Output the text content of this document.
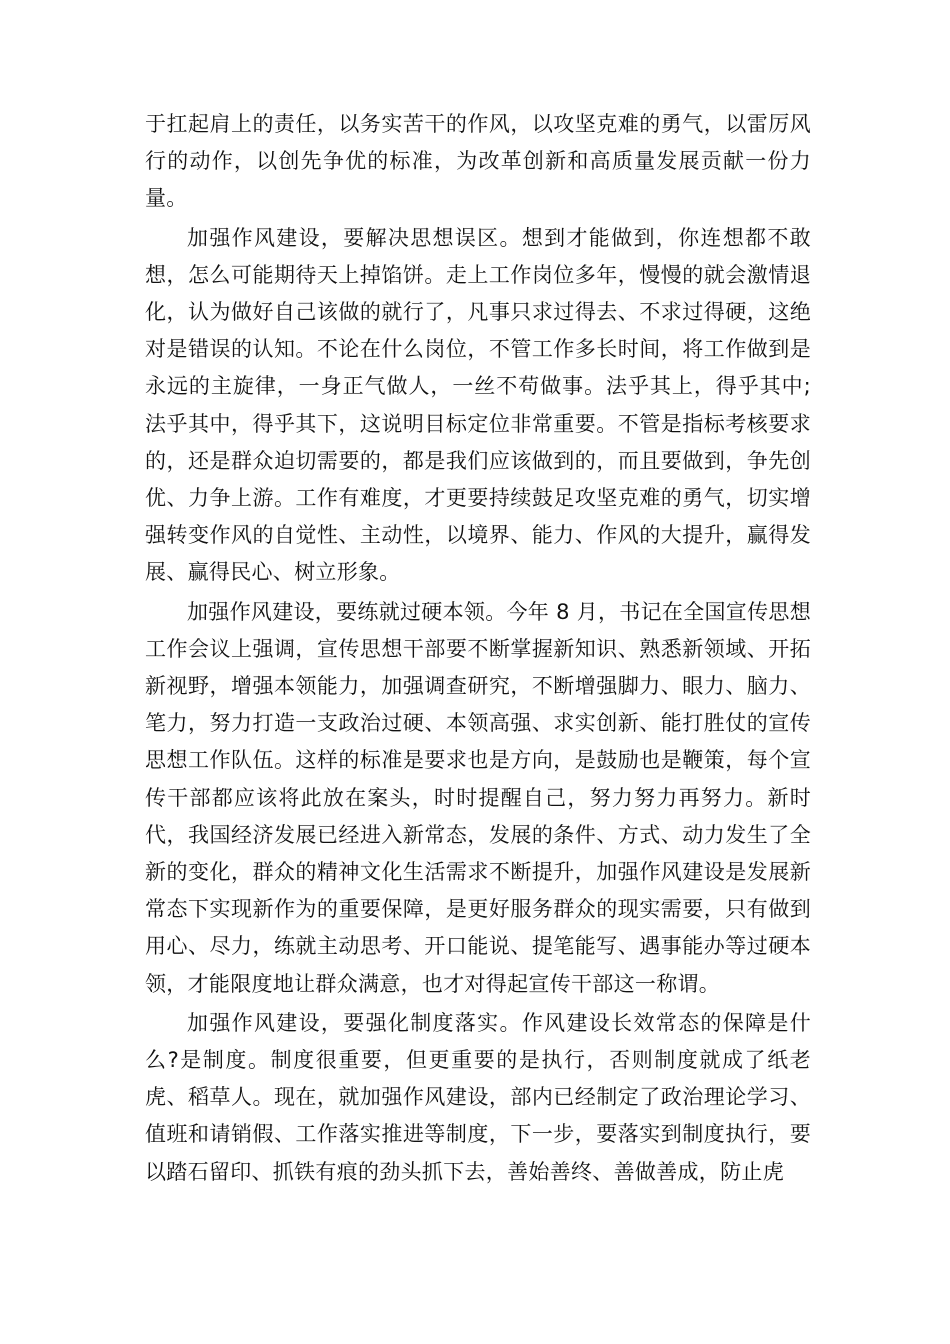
于扛起肩上的责任，以务实苦干的作风，以攻坚克难的勇气，以雷厉风行的动作，以创先争优的标准，为改革创新和高质量发展贡献一份力量。

加强作风建设，要解决思想误区。想到才能做到，你连想都不敢想，怎么可能期待天上掉馅饼。走上工作岗位多年，慢慢的就会激情退化，认为做好自己该做的就行了，凡事只求过得去、不求过得硬，这绝对是错误的认知。不论在什么岗位，不管工作多长时间，将工作做到是永远的主旋律，一身正气做人，一丝不苟做事。法乎其上，得乎其中;法乎其中，得乎其下，这说明目标定位非常重要。不管是指标考核要求的，还是群众迫切需要的，都是我们应该做到的，而且要做到，争先创优、力争上游。工作有难度，才更要持续鼓足攻坚克难的勇气，切实增强转变作风的自觉性、主动性，以境界、能力、作风的大提升，赢得发展、赢得民心、树立形象。

加强作风建设，要练就过硬本领。今年 8 月，书记在全国宣传思想工作会议上强调，宣传思想干部要不断掌握新知识、熟悉新领域、开拓新视野，增强本领能力，加强调查研究，不断增强脚力、眼力、脑力、笔力，努力打造一支政治过硬、本领高强、求实创新、能打胜仗的宣传思想工作队伍。这样的标准是要求也是方向，是鼓励也是鞭策，每个宣传干部都应该将此放在案头，时时提醒自己，努力努力再努力。新时代，我国经济发展已经进入新常态，发展的条件、方式、动力发生了全新的变化，群众的精神文化生活需求不断提升，加强作风建设是发展新常态下实现新作为的重要保障，是更好服务群众的现实需要，只有做到用心、尽力，练就主动思考、开口能说、提笔能写、遇事能办等过硬本领，才能限度地让群众满意，也才对得起宣传干部这一称谓。

加强作风建设，要强化制度落实。作风建设长效常态的保障是什么?是制度。制度很重要，但更重要的是执行，否则制度就成了纸老虎、稻草人。现在，就加强作风建设，部内已经制定了政治理论学习、值班和请销假、工作落实推进等制度，下一步，要落实到制度执行，要以踏石留印、抓铁有痕的劲头抓下去，善始善终、善做善成，防止虎
